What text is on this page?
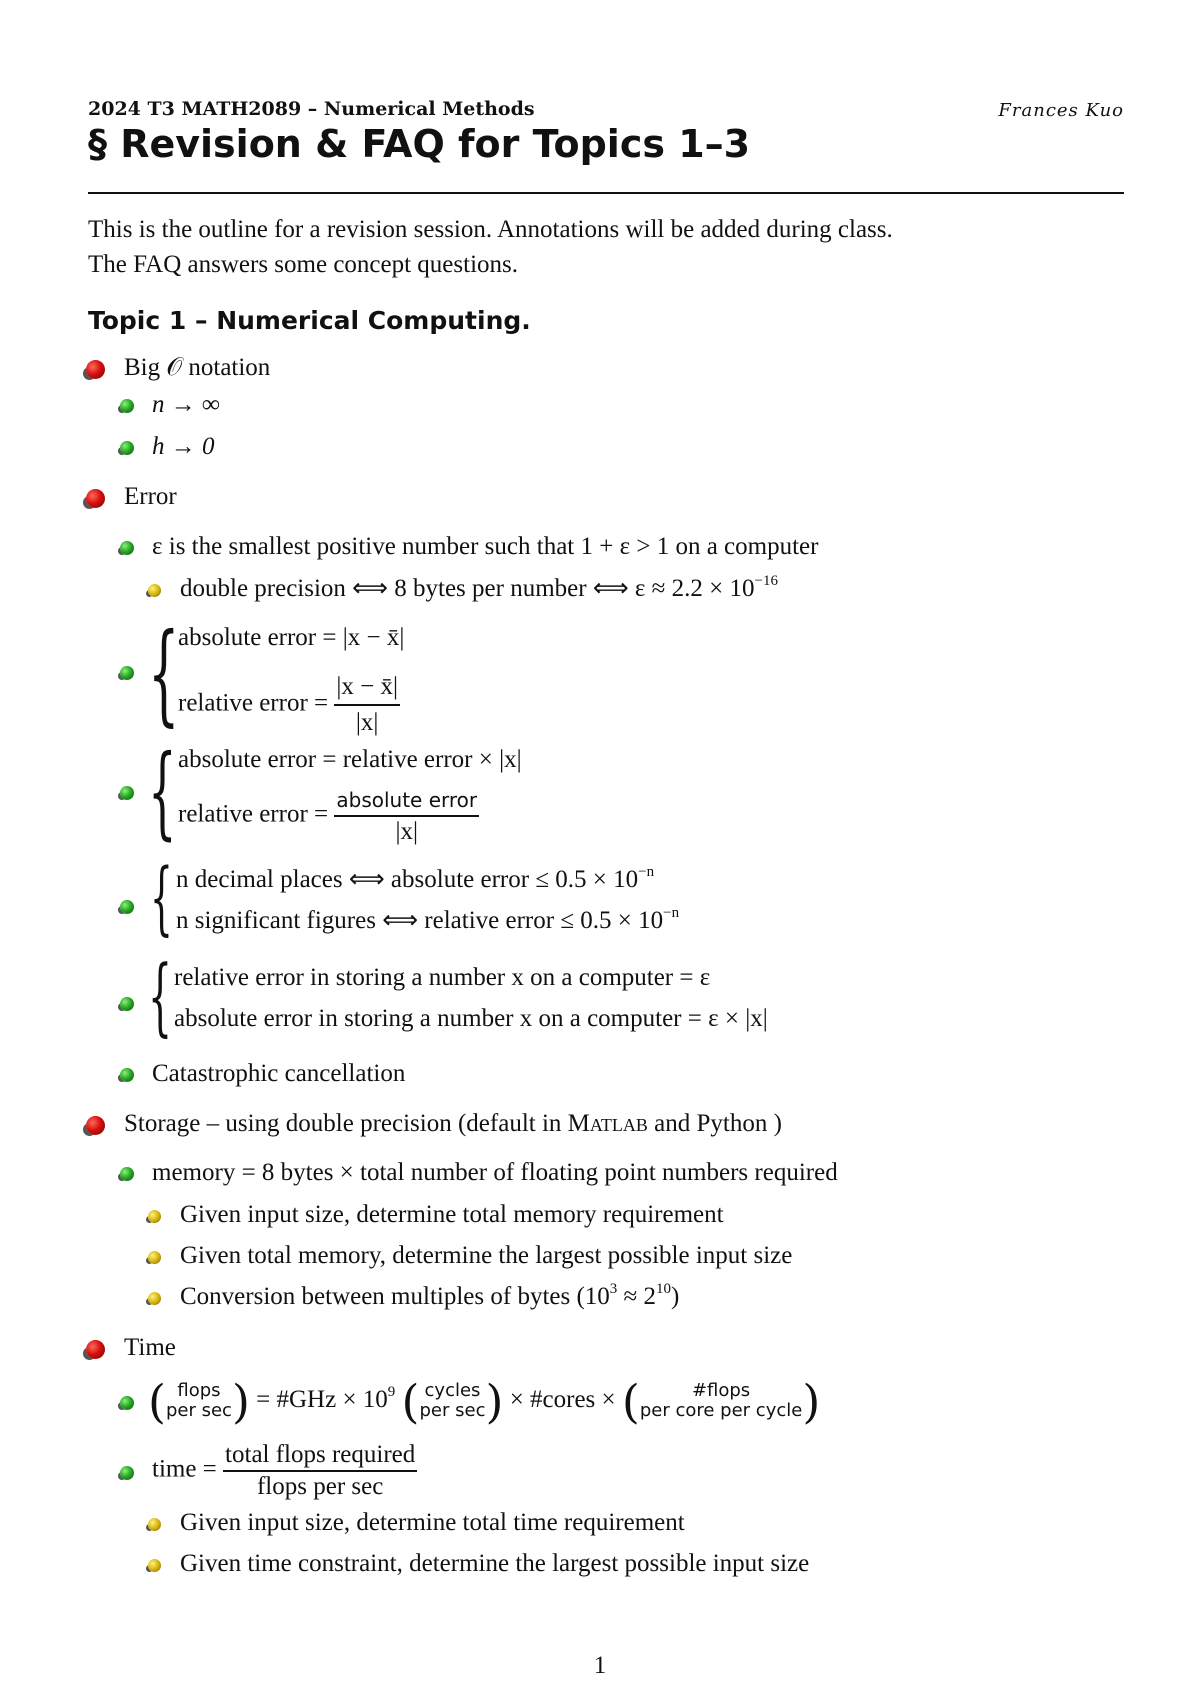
2024 T3 MATH2089 – Numerical Methods	Frances Kuo
§ Revision & FAQ for Topics 1–3
This is the outline for a revision session. Annotations will be added during class.
The FAQ answers some concept questions.
Topic 1 – Numerical Computing.
Big 𝒪 notation
n → ∞
h → 0
Error
ε is the smallest positive number such that 1 + ε > 1 on a computer
double precision ⟺ 8 bytes per number ⟺ $\varepsilon \approx 2.2 \times 10^{-16}$
{
absolute error = |x − x̄|
relative error = $\frac{|x - x̄|}{|x|}$
{ absolute error = relative error × |x|
relative error = $\frac{\text{absolute error}}{|x|}$
{ n decimal places ⟺ absolute error ≤ $0.5 \times 10^{-n}$
n significant figures ⟺ relative error ≤ $0.5 \times 10^{-n}$
{ relative error in storing a number x on a computer = ε
absolute error in storing a number x on a computer = ε × |x|
Catastrophic cancellation
Storage – using double precision (default in Matlab and Python )
memory = 8 bytes × total number of floating point numbers required
Given input size, determine total memory requirement
Given total memory, determine the largest possible input size
Conversion between multiples of bytes $(10^3 \approx 2^{10})$
Time
( flops
per sec ) = #GHz × $10^9$ ( cycles
per sec ) × #cores × (	#flops
per core per cycle )
time = $\frac{\text{total flops required}}{\text{flops per sec}}$
Given input size, determine total time requirement
Given time constraint, determine the largest possible input size
1
